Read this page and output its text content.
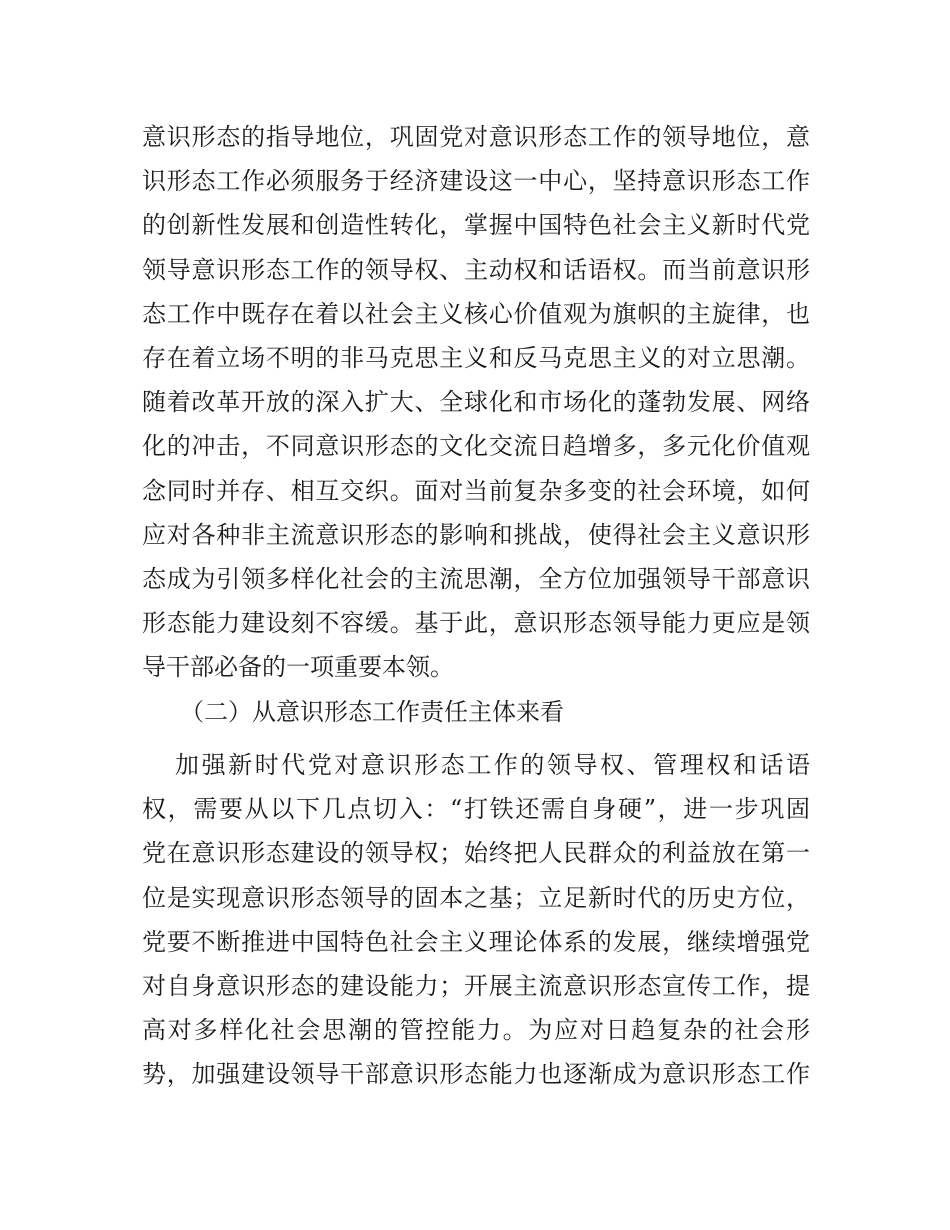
意识形态的指导地位，巩固党对意识形态工作的领导地位，意
识形态工作必须服务于经济建设这一中心，坚持意识形态工作
的创新性发展和创造性转化，掌握中国特色社会主义新时代党
领导意识形态工作的领导权、主动权和话语权。而当前意识形
态工作中既存在着以社会主义核心价值观为旗帜的主旋律，也
存在着立场不明的非马克思主义和反马克思主义的对立思潮。
随着改革开放的深入扩大、全球化和市场化的蓬勃发展、网络
化的冲击，不同意识形态的文化交流日趋增多，多元化价值观
念同时并存、相互交织。面对当前复杂多变的社会环境，如何
应对各种非主流意识形态的影响和挑战，使得社会主义意识形
态成为引领多样化社会的主流思潮，全方位加强领导干部意识
形态能力建设刻不容缓。基于此，意识形态领导能力更应是领
导干部必备的一项重要本领。
（二）从意识形态工作责任主体来看
加强新时代党对意识形态工作的领导权、管理权和话语
权，需要从以下几点切入：“打铁还需自身硬”，进一步巩固
党在意识形态建设的领导权；始终把人民群众的利益放在第一
位是实现意识形态领导的固本之基；立足新时代的历史方位，
党要不断推进中国特色社会主义理论体系的发展，继续增强党
对自身意识形态的建设能力；开展主流意识形态宣传工作，提
高对多样化社会思潮的管控能力。为应对日趋复杂的社会形
势，加强建设领导干部意识形态能力也逐渐成为意识形态工作
